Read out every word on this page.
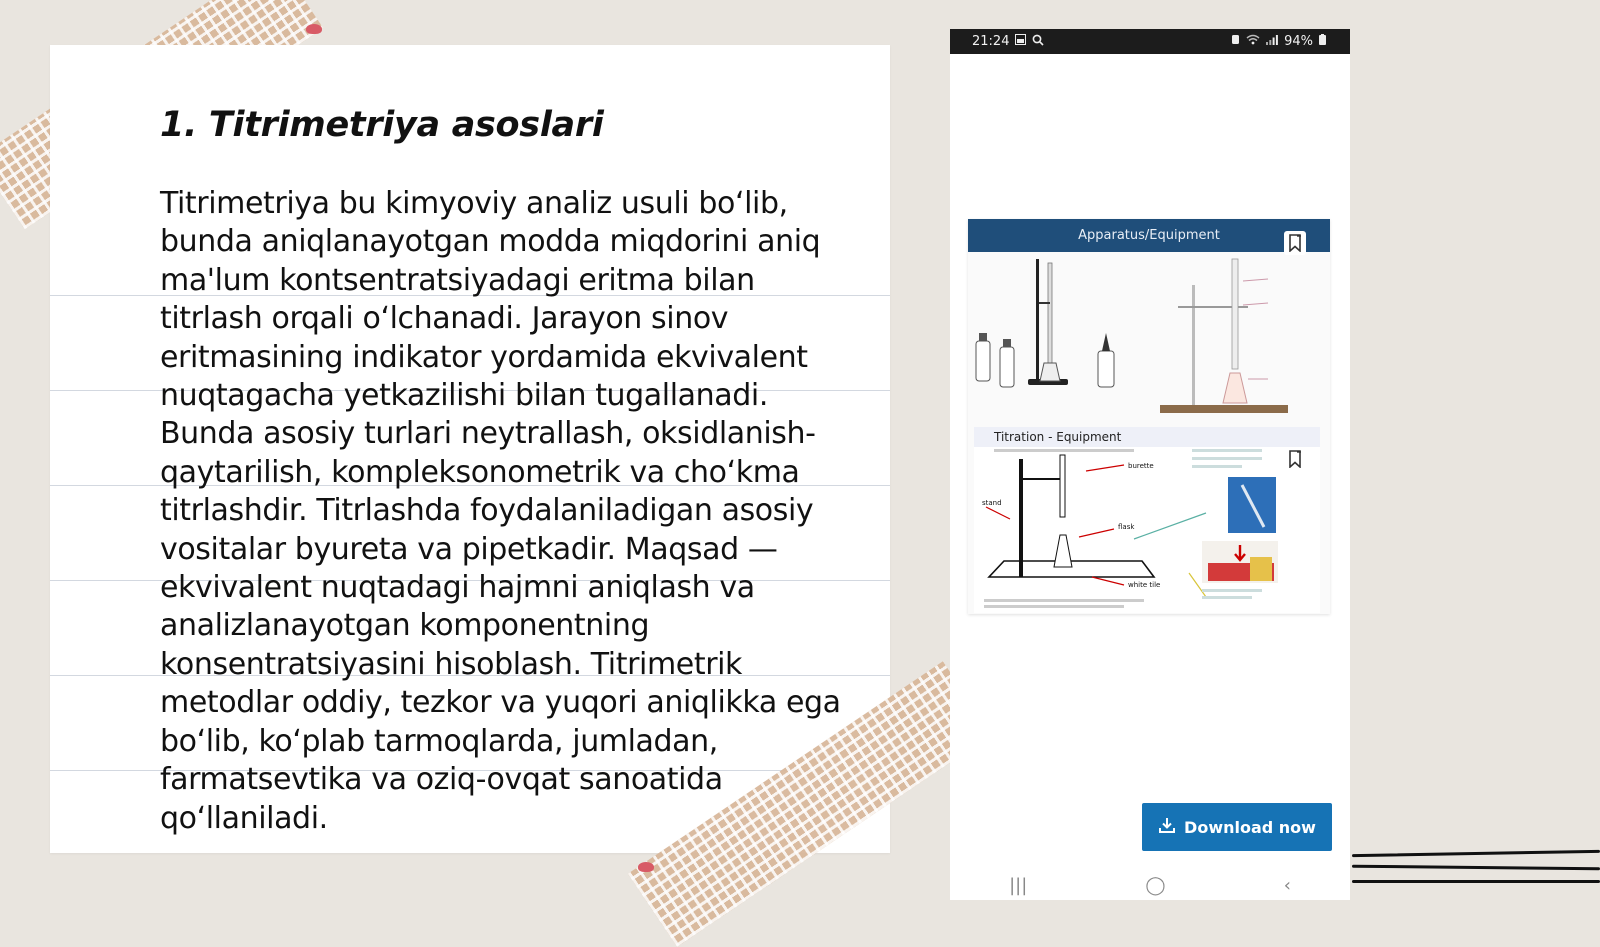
1. Titrimetriya asoslari

Titrimetriya bu kimyoviy analiz usuli bo‘lib, bunda aniqlanayotgan modda miqdorini aniq ma'lum kontsentratsiyadagi eritma bilan titrlash orqali o‘lchanadi. Jarayon sinov eritmasining indikator yordamida ekvivalent nuqtagacha yetkazilishi bilan tugallanadi. Bunda asosiy turlari neytrallash, oksidlanish-qaytarilish, kompleksonometrik va cho‘kma titrlashdir. Titrlashda foydalaniladigan asosiy vositalar byureta va pipetkadir. Maqsad — ekvivalent nuqtadagi hajmni aniqlash va analizlanayotgan komponentning konsentratsiyasini hisoblash. Titrimetrik metodlar oddiy, tezkor va yuqori aniqlikka ega bo‘lib, ko‘plab tarmoqlarda, jumladan, farmatsevtika va oziq-ovqat sanoatida qo‘llaniladi.

21:24	94%
Apparatus/Equipment
Titration - Equipment
burette
stand
flask
white tile
Download now
|||	◯	‹
